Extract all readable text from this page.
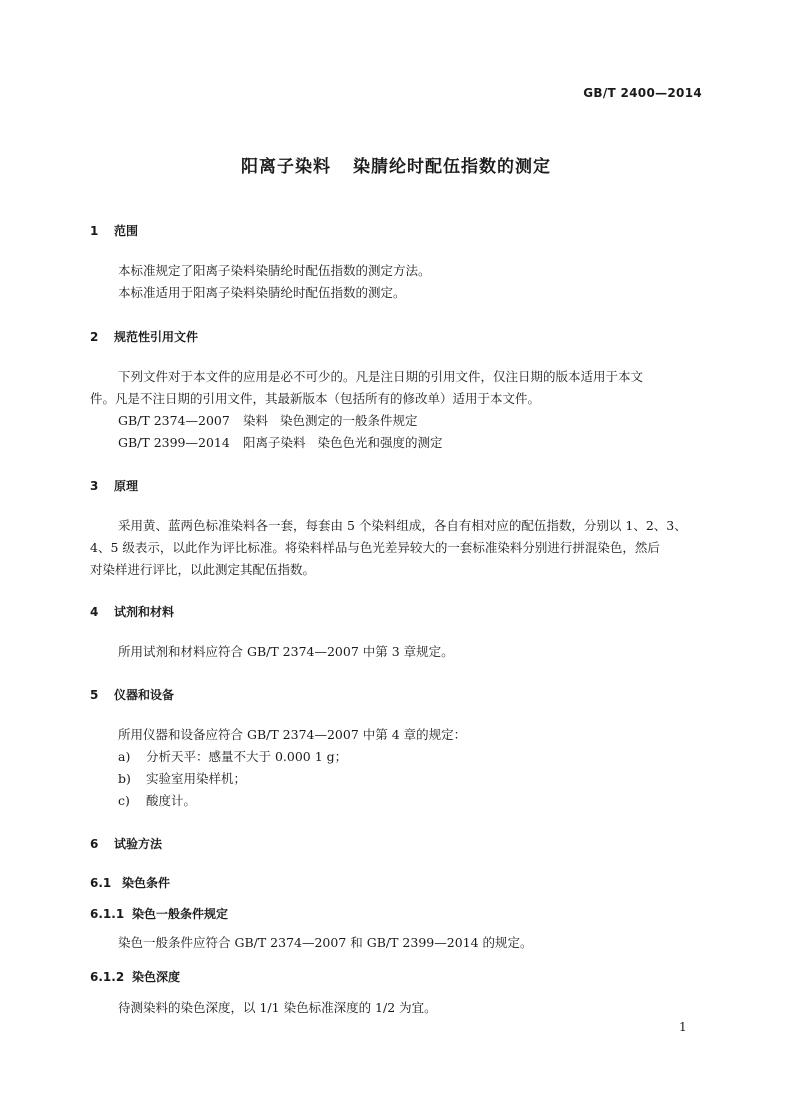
GB/T 2400—2014
阳离子染料 染腈纶时配伍指数的测定
1 范围
本标准规定了阳离子染料染腈纶时配伍指数的测定方法。
本标准适用于阳离子染料染腈纶时配伍指数的测定。
2 规范性引用文件
下列文件对于本文件的应用是必不可少的。凡是注日期的引用文件，仅注日期的版本适用于本文
件。凡是不注日期的引用文件，其最新版本（包括所有的修改单）适用于本文件。
GB/T 2374—2007 染料 染色测定的一般条件规定
GB/T 2399—2014 阳离子染料 染色色光和强度的测定
3 原理
采用黄、蓝两色标准染料各一套，每套由 5 个染料组成，各自有相对应的配伍指数，分别以 1、2、3、
4、5 级表示，以此作为评比标准。将染料样品与色光差异较大的一套标准染料分别进行拼混染色，然后
对染样进行评比，以此测定其配伍指数。
4 试剂和材料
所用试剂和材料应符合 GB/T 2374—2007 中第 3 章规定。
5 仪器和设备
所用仪器和设备应符合 GB/T 2374—2007 中第 4 章的规定：
a) 分析天平：感量不大于 0.000 1 g；
b) 实验室用染样机；
c) 酸度计。
6 试验方法
6.1 染色条件
6.1.1 染色一般条件规定
染色一般条件应符合 GB/T 2374—2007 和 GB/T 2399—2014 的规定。
6.1.2 染色深度
待测染料的染色深度，以 1/1 染色标准深度的 1/2 为宜。
1
